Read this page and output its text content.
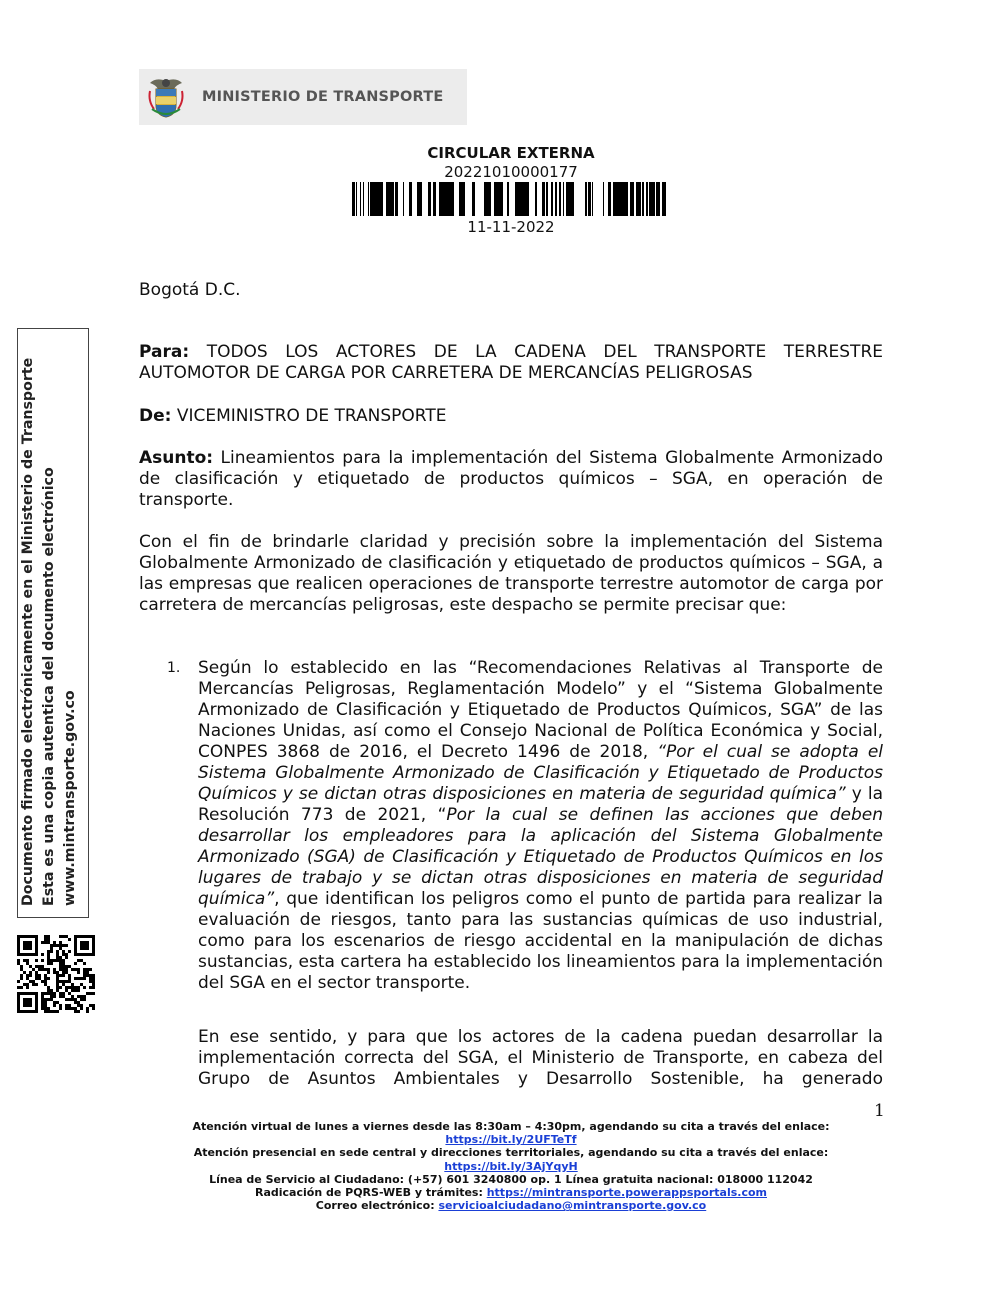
MINISTERIO DE TRANSPORTE
CIRCULAR EXTERNA
20221010000177
11-11-2022
Bogotá D.C.
Para: TODOS LOS ACTORES DE LA CADENA DEL TRANSPORTE TERRESTRE AUTOMOTOR DE CARGA POR CARRETERA DE MERCANCÍAS PELIGROSAS
De: VICEMINISTRO DE TRANSPORTE
Asunto: Lineamientos para la implementación del Sistema Globalmente Armonizado de clasificación y etiquetado de productos químicos – SGA, en operación de transporte.
Con el fin de brindarle claridad y precisión sobre la implementación del Sistema Globalmente Armonizado de clasificación y etiquetado de productos químicos – SGA, a las empresas que realicen operaciones de transporte terrestre automotor de carga por carretera de mercancías peligrosas, este despacho se permite precisar que:
1. Según lo establecido en las “Recomendaciones Relativas al Transporte de Mercancías Peligrosas, Reglamentación Modelo” y el “Sistema Globalmente Armonizado de Clasificación y Etiquetado de Productos Químicos, SGA” de las Naciones Unidas, así como el Consejo Nacional de Política Económica y Social, CONPES 3868 de 2016, el Decreto 1496 de 2018, “Por el cual se adopta el Sistema Globalmente Armonizado de Clasificación y Etiquetado de Productos Químicos y se dictan otras disposiciones en materia de seguridad química” y la Resolución 773 de 2021, “Por la cual se definen las acciones que deben desarrollar los empleadores para la aplicación del Sistema Globalmente Armonizado (SGA) de Clasificación y Etiquetado de Productos Químicos en los lugares de trabajo y se dictan otras disposiciones en materia de seguridad química”, que identifican los peligros como el punto de partida para realizar la evaluación de riesgos, tanto para las sustancias químicas de uso industrial, como para los escenarios de riesgo accidental en la manipulación de dichas sustancias, esta cartera ha establecido los lineamientos para la implementación del SGA en el sector transporte.
En ese sentido, y para que los actores de la cadena puedan desarrollar la implementación correcta del SGA, el Ministerio de Transporte, en cabeza del Grupo de Asuntos Ambientales y Desarrollo Sostenible, ha generado
1
Atención virtual de lunes a viernes desde las 8:30am – 4:30pm, agendando su cita a través del enlace:
https://bit.ly/2UFTeTf
Atención presencial en sede central y direcciones territoriales, agendando su cita a través del enlace:
https://bit.ly/3AjYqyH
Línea de Servicio al Ciudadano: (+57) 601 3240800 op. 1 Línea gratuita nacional: 018000 112042
Radicación de PQRS-WEB y trámites: https://mintransporte.powerappsportals.com
Correo electrónico: servicioalciudadano@mintransporte.gov.co
Documento firmado electrónicamente en el Ministerio de Transporte Esta es una copia autentica del documento electrónico www.mintransporte.gov.co
